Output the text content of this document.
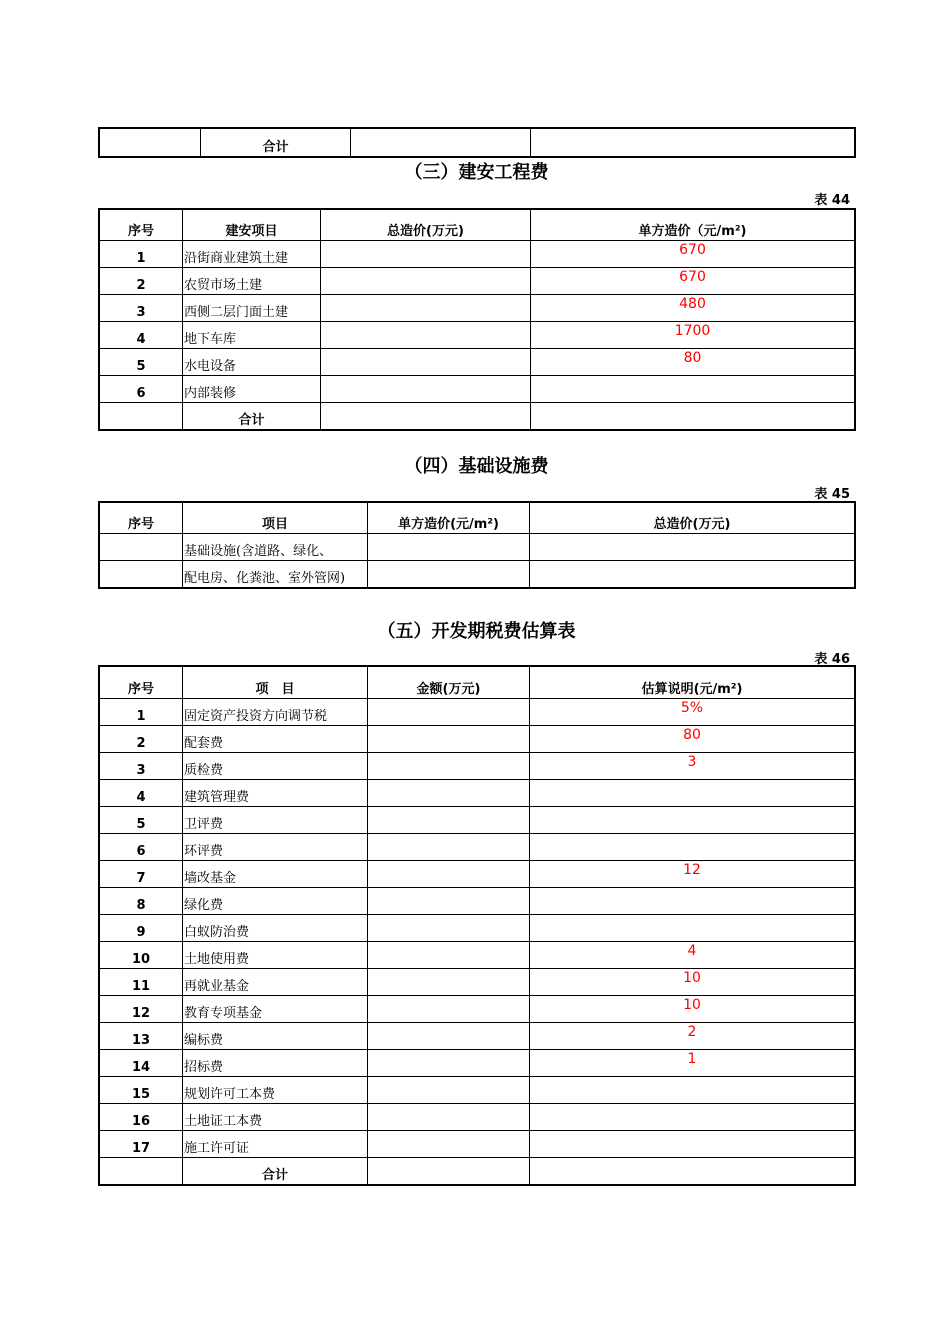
	合计		
（三）建安工程费
表 44
序号	建安项目	总造价(万元)	单方造价（元/m²)
1	沿街商业建筑土建		670
2	农贸市场土建		670
3	西侧二层门面土建		480
4	地下车库		1700
5	水电设备		80
6	内部装修		
	合计		
（四）基础设施费
表 45
序号	项目	单方造价(元/m²)	总造价(万元)
	基础设施(含道路、绿化、		
	配电房、化粪池、室外管网)		
（五）开发期税费估算表
表 46
序号	项　目	金额(万元)	估算说明(元/m²)
1	固定资产投资方向调节税		5%
2	配套费		80
3	质检费		3
4	建筑管理费		
5	卫评费		
6	环评费		
7	墙改基金		12
8	绿化费		
9	白蚁防治费		
10	土地使用费		4
11	再就业基金		10
12	教育专项基金		10
13	编标费		2
14	招标费		1
15	规划许可工本费		
16	土地证工本费		
17	施工许可证		
	合计		
